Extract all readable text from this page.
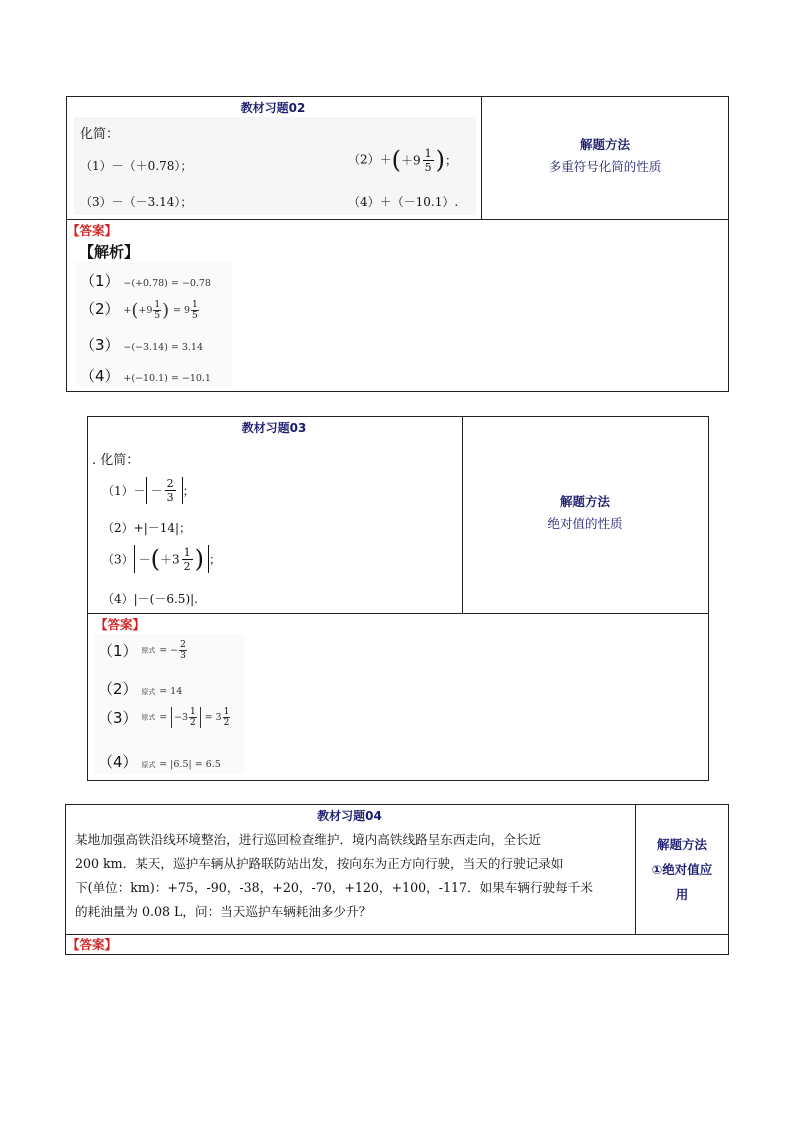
教材习题02
化简：
（1）－（＋0.78）；	$(2)+(+9 \frac{1}{5}$ )；
（3）－（－3.14）；	（4）＋（－10.1）.
解题方法
多重符号化简的性质
【答案】
【解析】
（1） −(+0.78) = −0.78
$(2) +(+9 \frac{1}{5}$ ) = $9 \frac{1}{5}$
（3） −(−3.14) = 3.14
（4） +(−10.1) = −10.1
教材习题03
. 化简：
$(1)- - \frac{2}{3}$ ；
（2）+|－14|；
$(3) -(+3 \frac{1}{2}$ ) ；
（4）|－(－6.5)|.
解题方法
绝对值的性质
【答案】
（1） 原式 = − $\frac{2}{3}$
（2） 原式 = 14
（3） 原式 = $-3 \frac{1}{2} = 3 \frac{1}{2}$
（4） 原式 = |6.5| = 6.5
教材习题04
某地加强高铁沿线环境整治，进行巡回检查维护．境内高铁线路呈东西走向，全长近
200 km．某天，巡护车辆从护路联防站出发，按向东为正方向行驶，当天的行驶记录如
下(单位：km)：+75，-90，-38，+20，-70，+120，+100，-117．如果车辆行驶每千米
的耗油量为 0.08 L，问：当天巡护车辆耗油多少升？
解题方法
①绝对值应
用
【答案】
